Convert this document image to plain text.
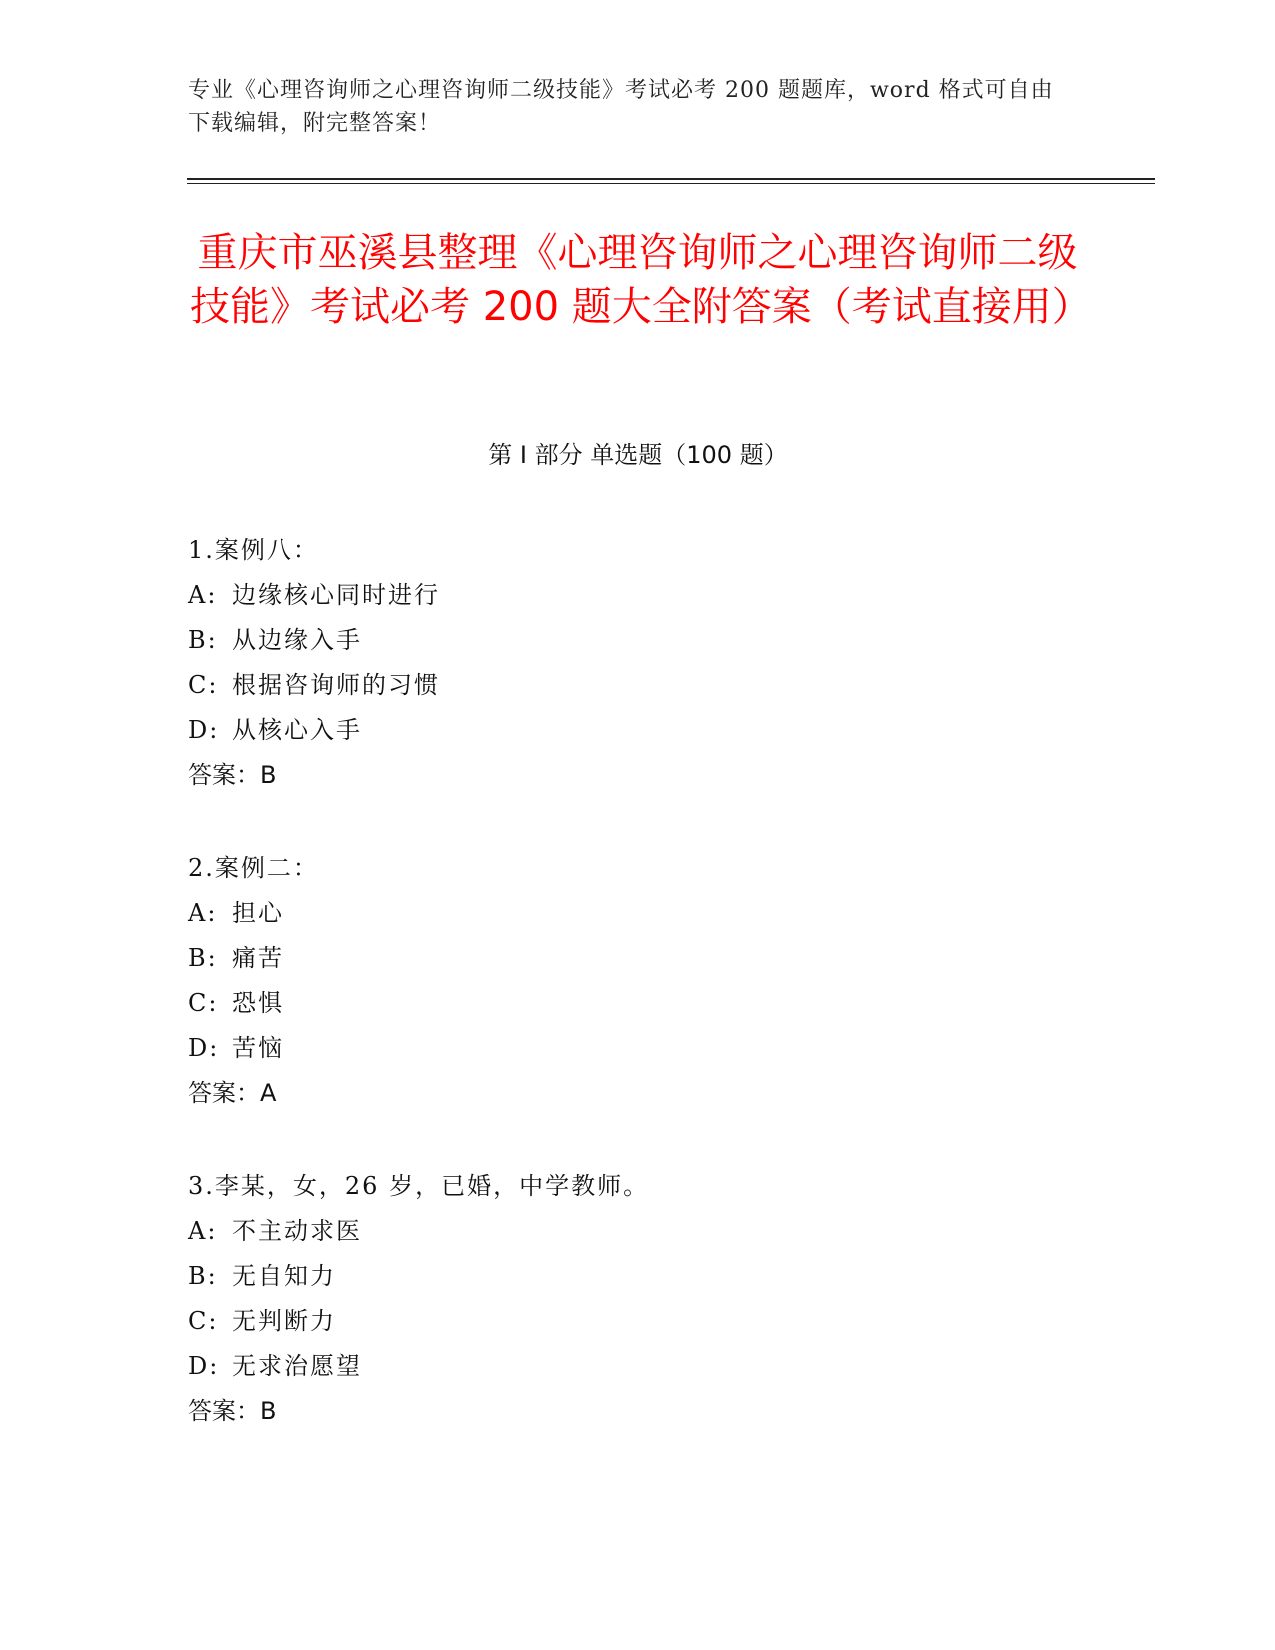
专业《心理咨询师之心理咨询师二级技能》考试必考 200 题题库，word 格式可自由下载编辑，附完整答案！
重庆市巫溪县整理《心理咨询师之心理咨询师二级技能》考试必考 200 题大全附答案（考试直接用）
第 I 部分 单选题（100 题）
1.案例八：
A: 边缘核心同时进行
B: 从边缘入手
C: 根据咨询师的习惯
D: 从核心入手
答案：B
2.案例二：
A: 担心
B: 痛苦
C: 恐惧
D: 苦恼
答案：A
3.李某，女，26 岁，已婚，中学教师。
A: 不主动求医
B: 无自知力
C: 无判断力
D: 无求治愿望
答案：B
